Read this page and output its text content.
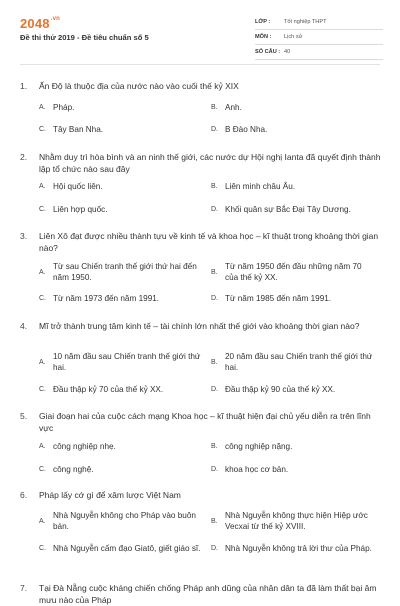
$2048^{.vn}$
Đề thi thử 2019 - Đề tiêu chuẩn số 5
LỚP :	Tốt nghiệp THPT
MÔN :	Lịch sử
SỐ CÂU : 40
1.	Ấn Độ là thuộc địa của nước nào vào cuối thế kỷ XIX
A. Pháp.	B. Anh.
C. Tây Ban Nha.	D. B Đào Nha.
2.	Nhằm duy trì hòa bình và an ninh thế giới, các nước dự Hội nghị Ianta đã quyết định thành lập tổ chức nào sau đây
A. Hội quốc liên.	B. Liên minh châu Âu.
C. Liên hợp quốc.	D. Khối quân sự Bắc Đại Tây Dương.
3.	Liên Xô đạt được nhiều thành tựu về kinh tế và khoa học – kĩ thuật trong khoảng thời gian nào?
A.
Từ sau Chiến tranh thế giới thứ hai đến năm 1950.
B.
Từ năm 1950 đến đầu những năm 70 của thế kỷ XX.
C. Từ năm 1973 đến năm 1991.	D. Từ năm 1985 đến năm 1991.
4.	Mĩ trở thành trung tâm kinh tế – tài chính lớn nhất thế giới vào khoảng thời gian nào?
A.
10 năm đầu sau Chiến tranh thế giới thứ hai.
B.
20 năm đầu sau Chiến tranh thế giới thứ hai.
C. Đầu thập kỷ 70 của thế kỷ XX.	D. Đầu thập kỷ 90 của thế kỷ XX.
5.	Giai đoạn hai của cuộc cách mạng Khoa học – kĩ thuật hiện đại chủ yếu diễn ra trên lĩnh vực
A. công nghiệp nhẹ.	B. công nghiệp nặng.
C. công nghệ.	D. khoa học cơ bản.
6.	Pháp lấy cớ gì để xâm lược Việt Nam
A.
Nhà Nguyễn không cho Pháp vào buôn bán.
B.
Nhà Nguyễn không thực hiện Hiệp ước Vecxai từ thế kỷ XVIII.
C. Nhà Nguyễn cấm đạo Giatô, giết giáo sĩ.	D. Nhà Nguyễn không trả lời thư của Pháp.
7.	Tại Đà Nẵng cuộc kháng chiến chống Pháp anh dũng của nhân dân ta đã làm thất bại âm mưu nào của Pháp
